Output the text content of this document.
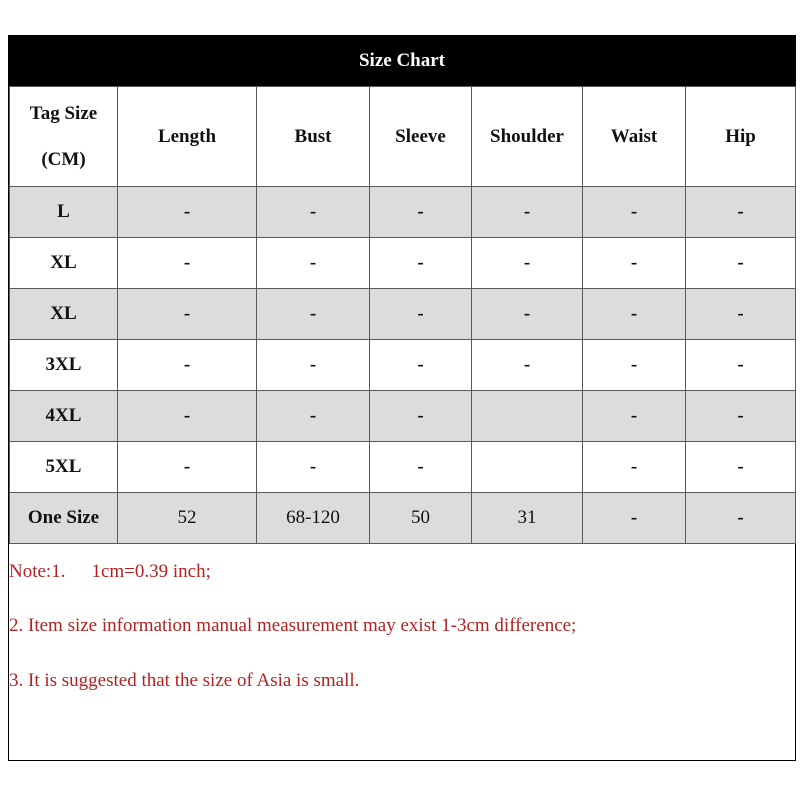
Size Chart
Tag Size
(CM)	Length	Bust	Sleeve	Shoulder	Waist	Hip
L	-	-	-	-	-	-
XL	-	-	-	-	-	-
XL	-	-	-	-	-	-
3XL	-	-	-	-	-	-
4XL	-	-	-		-	-
5XL	-	-	-		-	-
One Size	52	68-120	50	31	-	-
Note:1. 1cm=0.39 inch;
2. Item size information manual measurement may exist 1-3cm difference;
3. It is suggested that the size of Asia is small.
